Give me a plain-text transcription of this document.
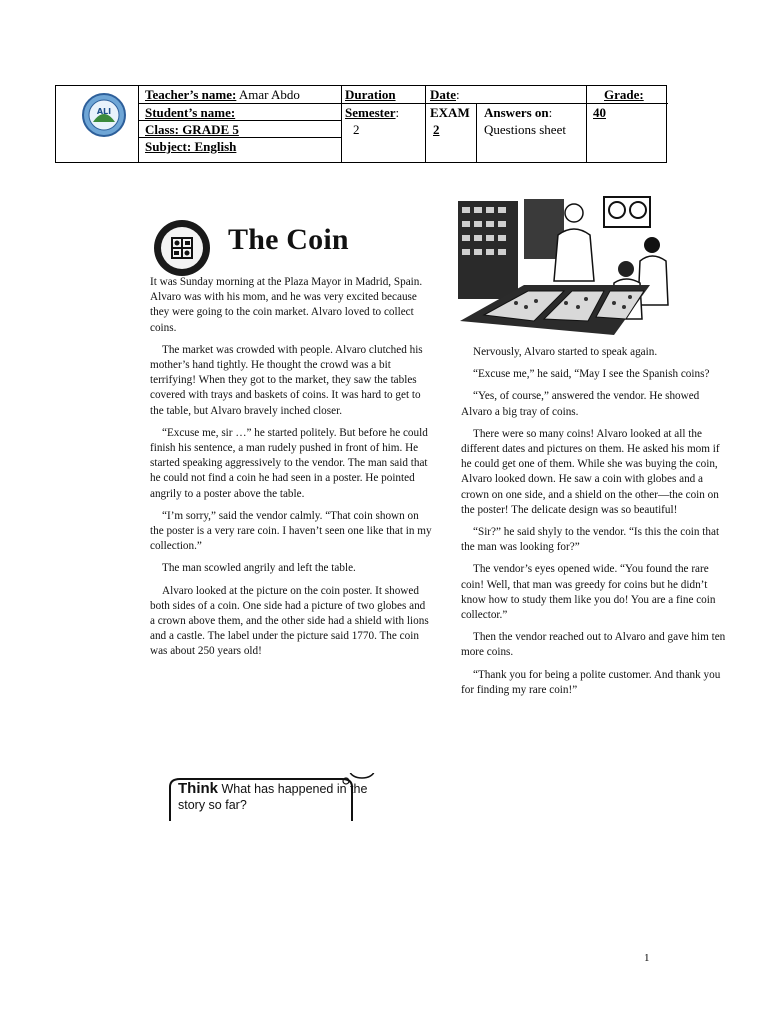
ALI
Teacher’s name: Amar Abdo
Student’s name:
Class: GRADE 5
Subject: English
Duration
Semester:
2
Date:
EXAM
2
Answers on:
Questions sheet
Grade:
40
The Coin

It was Sunday morning at the Plaza Mayor in Madrid, Spain. Alvaro was with his mom, and he was very excited because they were going to the coin market. Alvaro loved to collect coins.

The market was crowded with people. Alvaro clutched his mother’s hand tightly. He thought the crowd was a bit terrifying! When they got to the market, they saw the tables covered with trays and baskets of coins. It was hard to get to the table, but Alvaro bravely inched closer.

“Excuse me, sir …” he started politely. But before he could finish his sentence, a man rudely pushed in front of him. He started speaking aggressively to the vendor. The man said that he could not find a coin he had seen in a poster. He pointed angrily to a poster above the table.

“I’m sorry,” said the vendor calmly. “That coin shown on the poster is a very rare coin. I haven’t seen one like that in my collection.”

The man scowled angrily and left the table.

Alvaro looked at the picture on the coin poster. It showed both sides of a coin. One side had a picture of two globes and a crown above them, and the other side had a shield with lions and a castle. The label under the picture said 1770. The coin was about 250 years old!

Nervously, Alvaro started to speak again.

“Excuse me,” he said, “May I see the Spanish coins?

“Yes, of course,” answered the vendor. He showed Alvaro a big tray of coins.

There were so many coins! Alvaro looked at all the different dates and pictures on them. He asked his mom if he could get one of them. While she was buying the coin, Alvaro looked down. He saw a coin with globes and a crown on one side, and a shield on the other—the coin on the poster! The delicate design was so beautiful!

“Sir?” he said shyly to the vendor. “Is this the coin that the man was looking for?”

The vendor’s eyes opened wide. “You found the rare coin! Well, that man was greedy for coins but he didn’t know how to study them like you do! You are a fine coin collector.”

Then the vendor reached out to Alvaro and gave him ten more coins.

“Thank you for being a polite customer. And thank you for finding my rare coin!”

Think What has happened in the story so far?
1
